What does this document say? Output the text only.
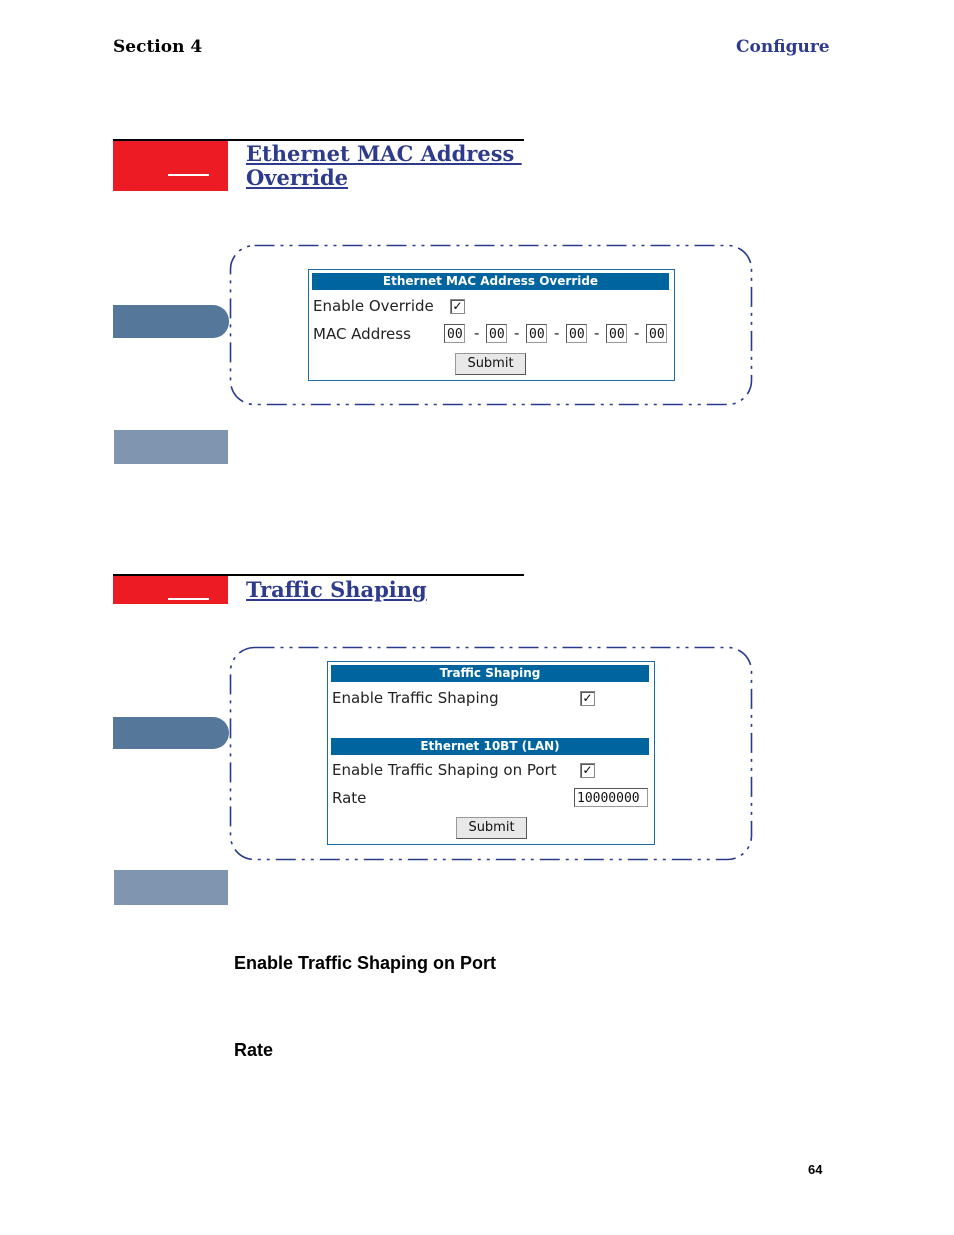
Section 4	Configure
Ethernet MAC Address
Override
Ethernet MAC Address Override
Enable Override ✓
MAC Address	00 - 00 - 00 - 00 - 00 - 00
Submit
Traffic Shaping
Traffic Shaping
Enable Traffic Shaping	✓
Ethernet 10BT (LAN)
Enable Traffic Shaping on Port ✓
Rate	10000000
Submit
Enable Traffic Shaping on Port
Rate
64
